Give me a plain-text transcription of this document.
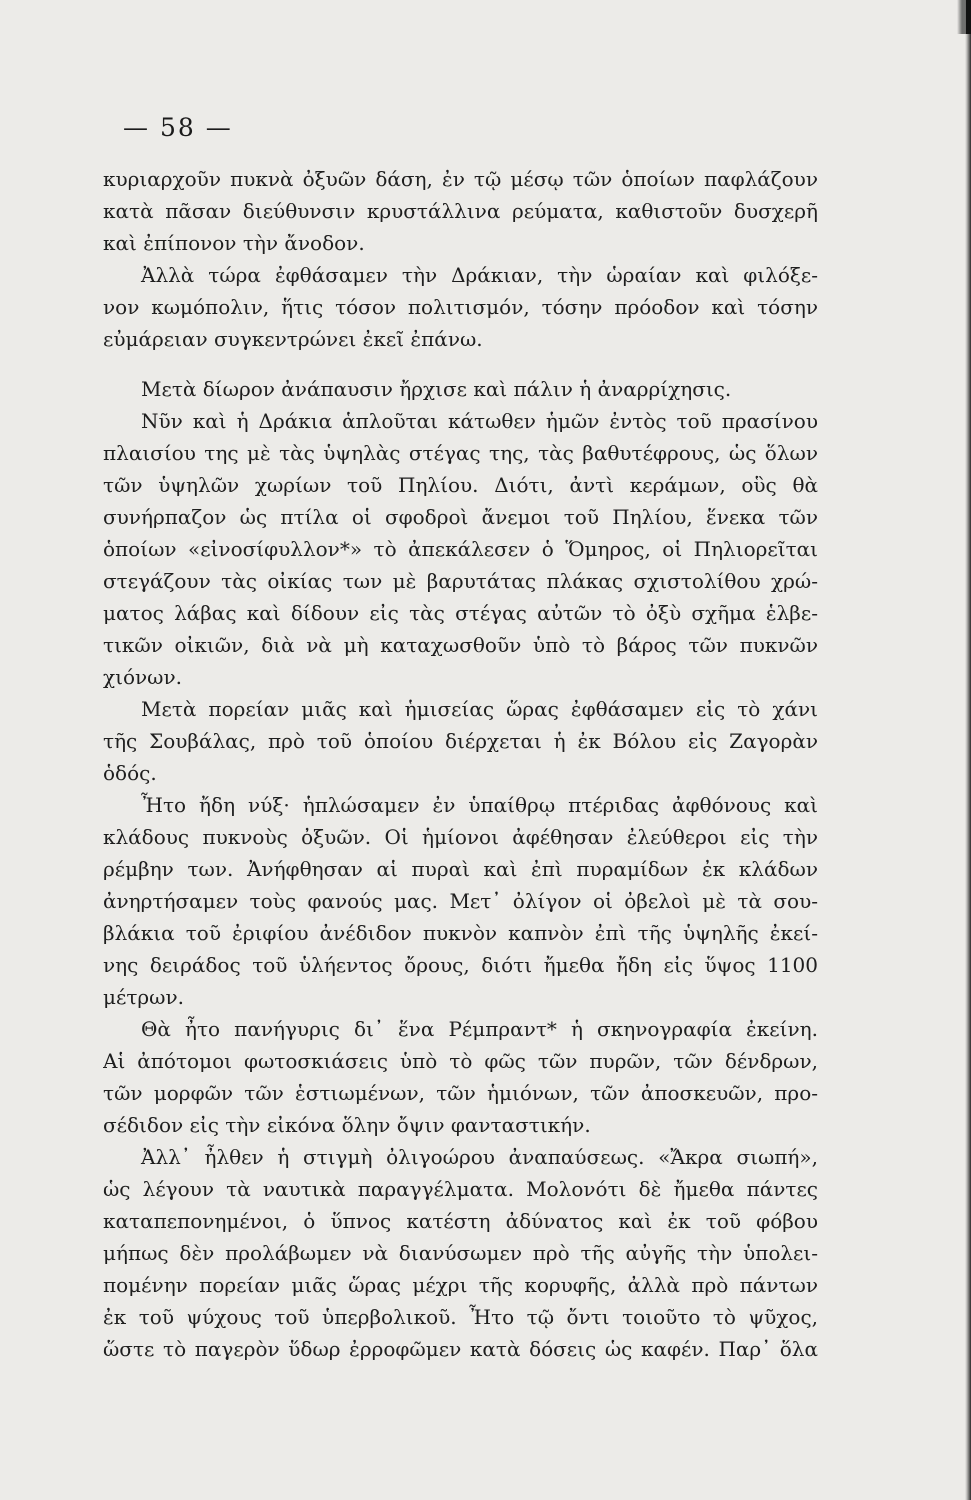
— 58 —
κυριαρχοῦν πυκνὰ ὀξυῶν δάση, ἐν τῷ μέσῳ τῶν ὁποίων παφλάζουν
κατὰ πᾶσαν διεύθυνσιν κρυστάλλινα ρεύματα, καθιστοῦν δυσχερῆ
καὶ ἐπίπονον τὴν ἄνοδον.
Ἀλλὰ τώρα ἐφθάσαμεν τὴν Δράκιαν, τὴν ὡραίαν καὶ φιλόξε-
νον κωμόπολιν, ἥτις τόσον πολιτισμόν, τόσην πρόοδον καὶ τόσην
εὐμάρειαν συγκεντρώνει ἐκεῖ ἐπάνω.
Μετὰ δίωρον ἀνάπαυσιν ἤρχισε καὶ πάλιν ἡ ἀναρρίχησις.
Νῦν καὶ ἡ Δράκια ἁπλοῦται κάτωθεν ἡμῶν ἐντὸς τοῦ πρασίνου
πλαισίου της μὲ τὰς ὑψηλὰς στέγας της, τὰς βαθυτέφρους, ὡς ὅλων
τῶν ὑψηλῶν χωρίων τοῦ Πηλίου. Διότι, ἀντὶ κεράμων, οὓς θὰ
συνήρπαζον ὡς πτίλα οἱ σφοδροὶ ἄνεμοι τοῦ Πηλίου, ἕνεκα τῶν
ὁποίων «εἰνοσίφυλλον*» τὸ ἀπεκάλεσεν ὁ Ὅμηρος, οἱ Πηλιορεῖται
στεγάζουν τὰς οἰκίας των μὲ βαρυτάτας πλάκας σχιστολίθου χρώ-
ματος λάβας καὶ δίδουν εἰς τὰς στέγας αὐτῶν τὸ ὀξὺ σχῆμα ἑλβε-
τικῶν οἰκιῶν, διὰ νὰ μὴ καταχωσθοῦν ὑπὸ τὸ βάρος τῶν πυκνῶν
χιόνων.
Μετὰ πορείαν μιᾶς καὶ ἡμισείας ὥρας ἐφθάσαμεν εἰς τὸ χάνι
τῆς Σουβάλας, πρὸ τοῦ ὁποίου διέρχεται ἡ ἐκ Βόλου εἰς Ζαγορὰν
ὁδός.
Ἦτο ἤδη νύξ· ἡπλώσαμεν ἐν ὑπαίθρῳ πτέριδας ἀφθόνους καὶ
κλάδους πυκνοὺς ὀξυῶν. Οἱ ἡμίονοι ἀφέθησαν ἐλεύθεροι εἰς τὴν
ρέμβην των. Ἀνήφθησαν αἱ πυραὶ καὶ ἐπὶ πυραμίδων ἐκ κλάδων
ἀνηρτήσαμεν τοὺς φανούς μας. Μετ᾽ ὀλίγον οἱ ὀβελοὶ μὲ τὰ σου-
βλάκια τοῦ ἐριφίου ἀνέδιδον πυκνὸν καπνὸν ἐπὶ τῆς ὑψηλῆς ἐκεί-
νης δειράδος τοῦ ὑλήεντος ὄρους, διότι ἤμεθα ἤδη εἰς ὕψος 1100
μέτρων.
Θὰ ἦτο πανήγυρις δι᾽ ἕνα Ρέμπραντ* ἡ σκηνογραφία ἐκείνη.
Αἱ ἀπότομοι φωτοσκιάσεις ὑπὸ τὸ φῶς τῶν πυρῶν, τῶν δένδρων,
τῶν μορφῶν τῶν ἑστιωμένων, τῶν ἡμιόνων, τῶν ἀποσκευῶν, προ-
σέδιδον εἰς τὴν εἰκόνα ὅλην ὄψιν φανταστικήν.
Ἀλλ᾽ ἦλθεν ἡ στιγμὴ ὀλιγοώρου ἀναπαύσεως. «Ἄκρα σιωπή»,
ὡς λέγουν τὰ ναυτικὰ παραγγέλματα. Μολονότι δὲ ἤμεθα πάντες
καταπεπονημένοι, ὁ ὕπνος κατέστη ἀδύνατος καὶ ἐκ τοῦ φόβου
μήπως δὲν προλάβωμεν νὰ διανύσωμεν πρὸ τῆς αὐγῆς τὴν ὑπολει-
πομένην πορείαν μιᾶς ὥρας μέχρι τῆς κορυφῆς, ἀλλὰ πρὸ πάντων
ἐκ τοῦ ψύχους τοῦ ὑπερβολικοῦ. Ἦτο τῷ ὄντι τοιοῦτο τὸ ψῦχος,
ὥστε τὸ παγερὸν ὕδωρ ἐρροφῶμεν κατὰ δόσεις ὡς καφέν. Παρ᾽ ὅλα
